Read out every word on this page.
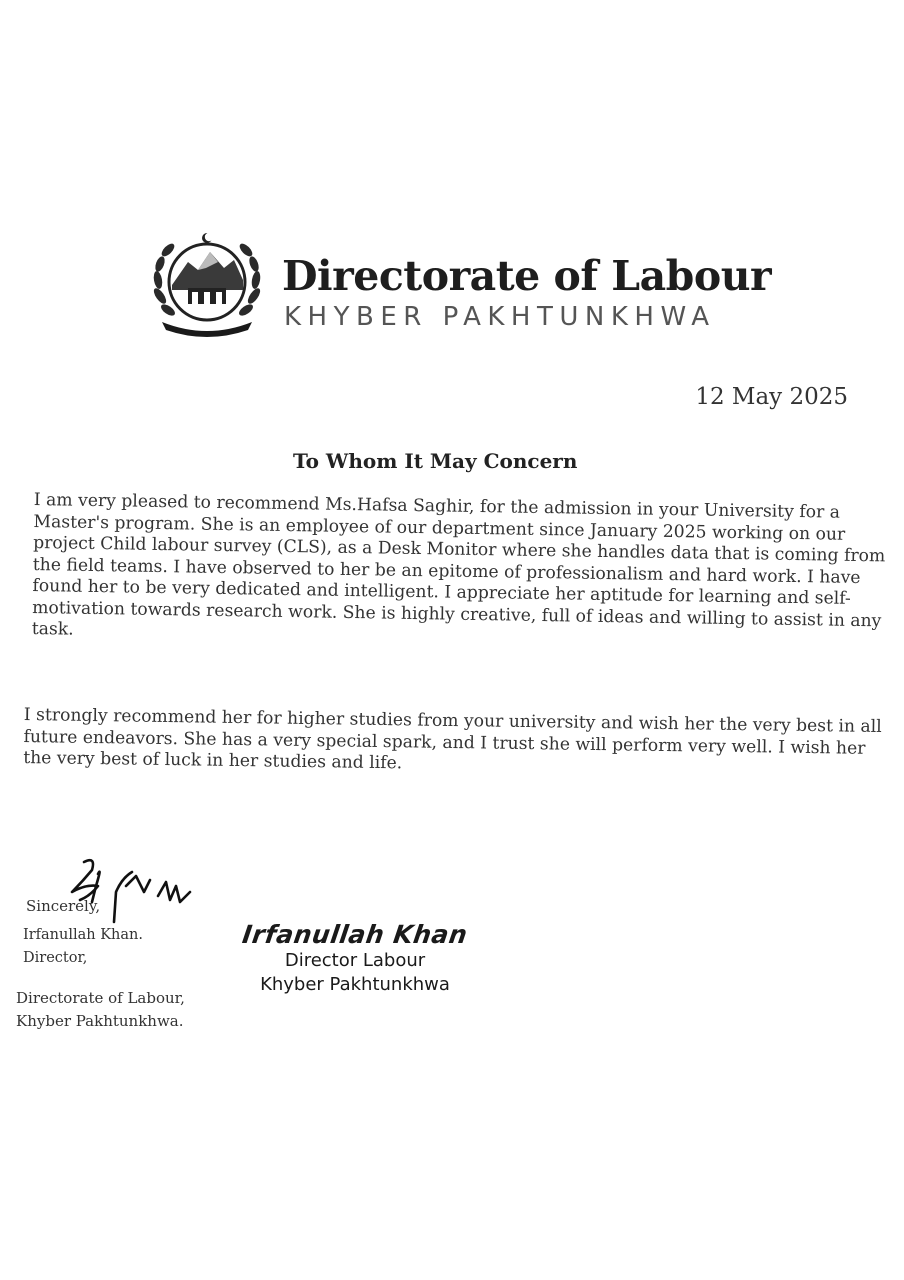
Directorate of Labour
KHYBER PAKHTUNKHWA
12 May 2025
To Whom It May Concern

I am very pleased to recommend Ms.Hafsa Saghir, for the admission in your University for a Master's program. She is an employee of our department since January 2025 working on our project Child labour survey (CLS), as a Desk Monitor where she handles data that is coming from the field teams. I have observed to her be an epitome of professionalism and hard work. I have found her to be very dedicated and intelligent. I appreciate her aptitude for learning and self-motivation towards research work. She is highly creative, full of ideas and willing to assist in any task.

I strongly recommend her for higher studies from your university and wish her the very best in all future endeavors. She has a very special spark, and I trust she will perform very well. I wish her the very best of luck in her studies and life.

Sincerely,
Irfanullah Khan.
Director,
Directorate of Labour,
Khyber Pakhtunkhwa.
Irfanullah Khan
Director Labour
Khyber Pakhtunkhwa
